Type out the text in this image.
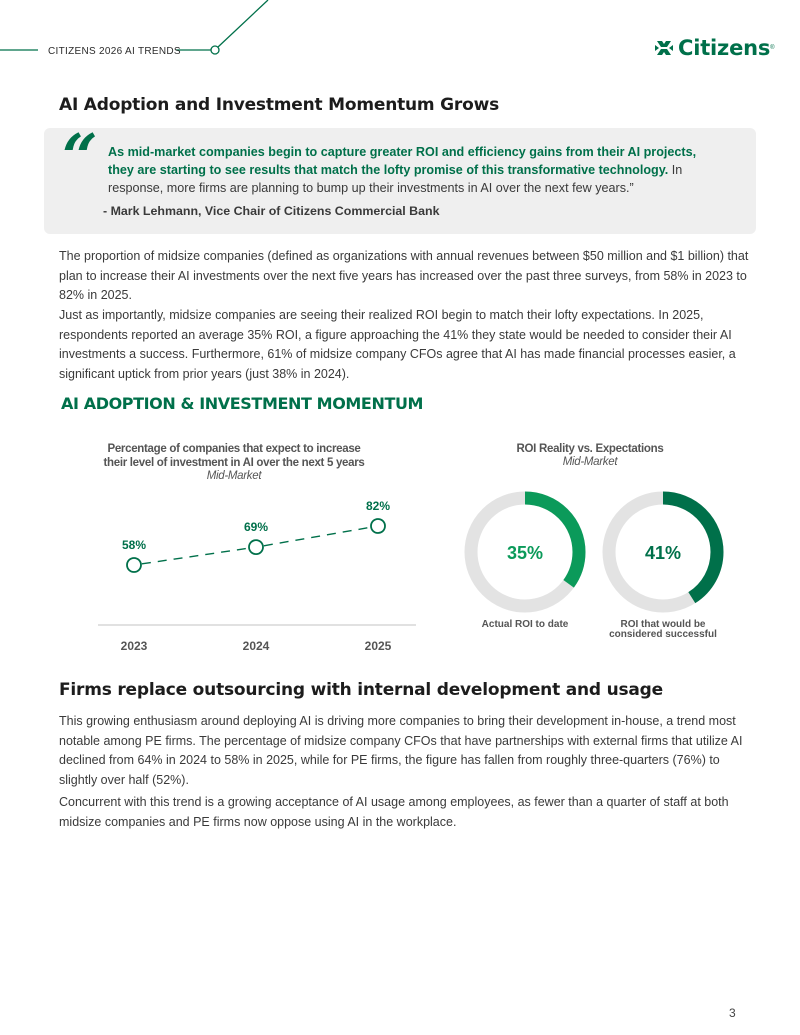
CITIZENS 2026 AI TRENDS	Citizens ®
AI Adoption and Investment Momentum Grows
“ As mid-market companies begin to capture greater ROI and efficiency gains from their AI projects, they are starting to see results that match the lofty promise of this transformative technology. In response, more firms are planning to bump up their investments in AI over the next few years.”
- Mark Lehmann, Vice Chair of Citizens Commercial Bank

The proportion of midsize companies (defined as organizations with annual revenues between $50 million and $1 billion) that plan to increase their AI investments over the next five years has increased over the past three surveys, from 58% in 2023 to 82% in 2025.

Just as importantly, midsize companies are seeing their realized ROI begin to match their lofty expectations. In 2025, respondents reported an average 35% ROI, a figure approaching the 41% they state would be needed to consider their AI investments a success. Furthermore, 61% of midsize company CFOs agree that AI has made financial processes easier, a significant uptick from prior years (just 38% in 2024).

AI ADOPTION & INVESTMENT MOMENTUM
Percentage of companies that expect to increase
their level of investment in AI over the next 5 years
Mid-Market
58%
2023
69%
2024
82%
2025
ROI Reality vs. Expectations
Mid-Market
35%
Actual ROI to date
41%
ROI that would be
considered successful
Firms replace outsourcing with internal development and usage

This growing enthusiasm around deploying AI is driving more companies to bring their development in-house, a trend most notable among PE firms. The percentage of midsize company CFOs that have partnerships with external firms that utilize AI declined from 64% in 2024 to 58% in 2025, while for PE firms, the figure has fallen from roughly three-quarters (76%) to slightly over half (52%).

Concurrent with this trend is a growing acceptance of AI usage among employees, as fewer than a quarter of staff at both midsize companies and PE firms now oppose using AI in the workplace.

3
